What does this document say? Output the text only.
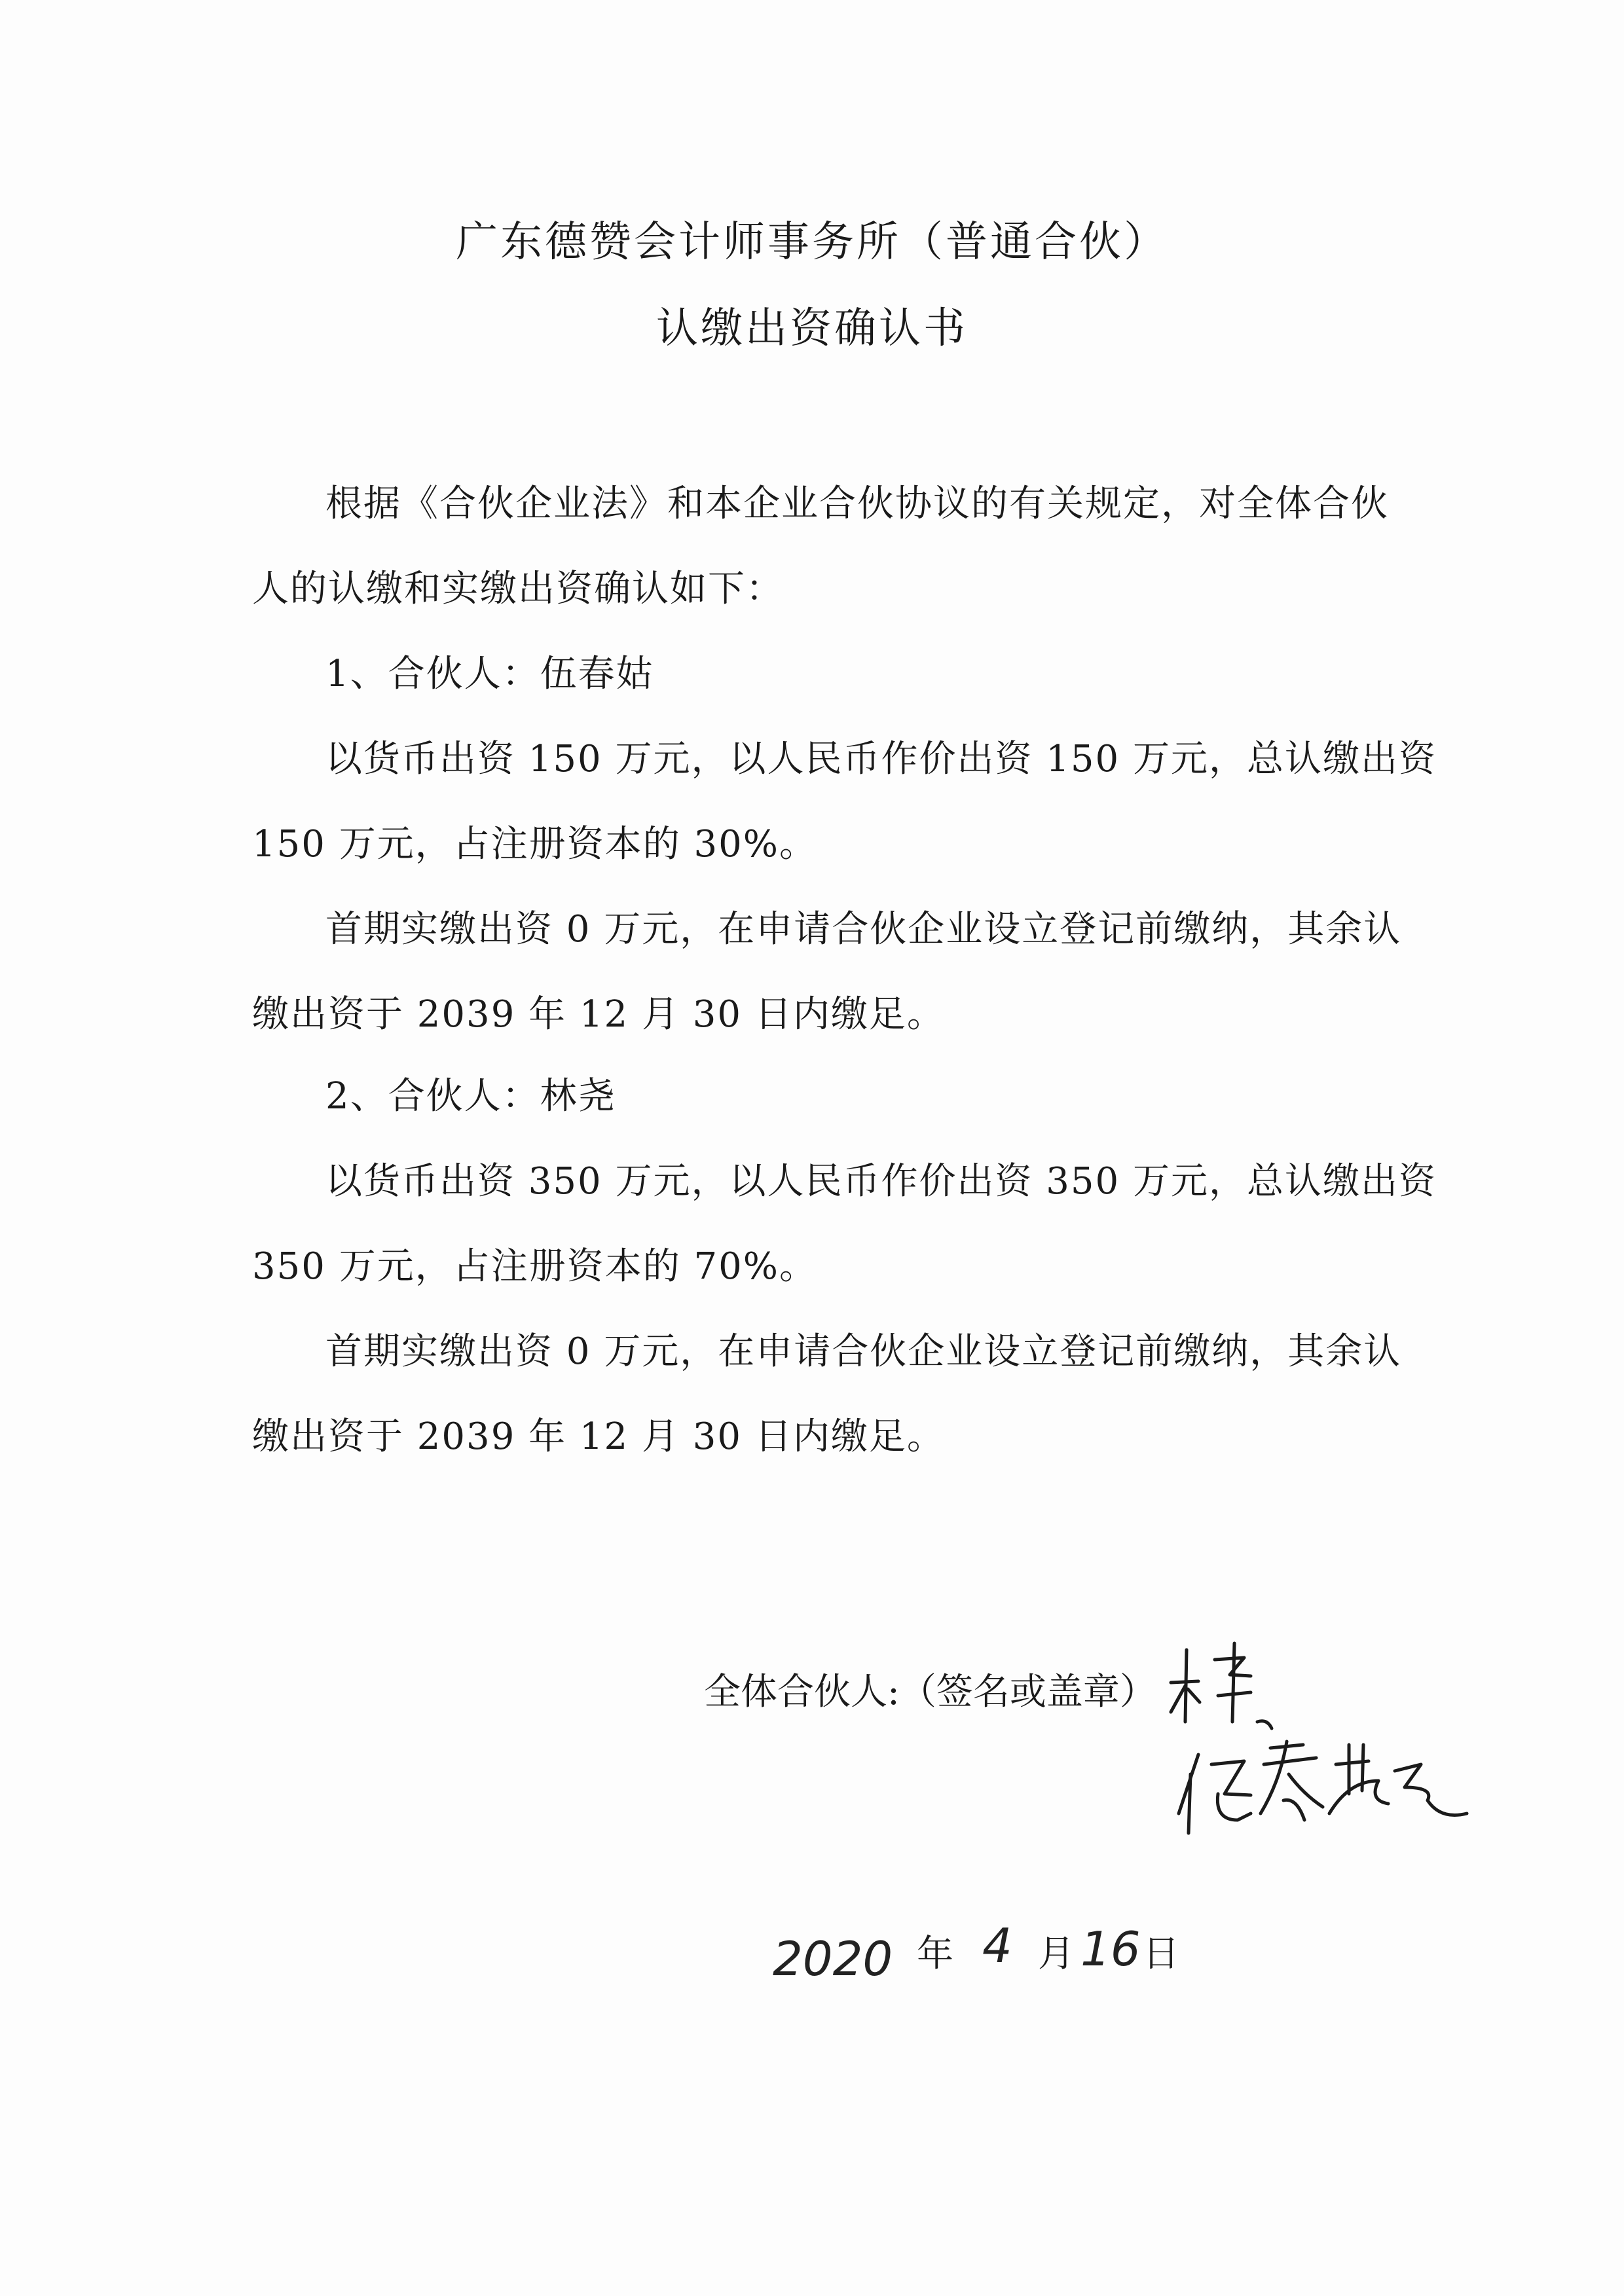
广东德赞会计师事务所（普通合伙）
认缴出资确认书
根据《合伙企业法》和本企业合伙协议的有关规定，对全体合伙
人的认缴和实缴出资确认如下：
1、合伙人：伍春姑
以货币出资 150 万元，以人民币作价出资 150 万元，总认缴出资
150 万元，占注册资本的 30%。
首期实缴出资 0 万元，在申请合伙企业设立登记前缴纳，其余认
缴出资于 2039 年 12 月 30 日内缴足。
2、合伙人：林尧
以货币出资 350 万元，以人民币作价出资 350 万元，总认缴出资
350 万元，占注册资本的 70%。
首期实缴出资 0 万元，在申请合伙企业设立登记前缴纳，其余认
缴出资于 2039 年 12 月 30 日内缴足。
全体合伙人:（签名或盖章）
2020 年 4 月 16 日
